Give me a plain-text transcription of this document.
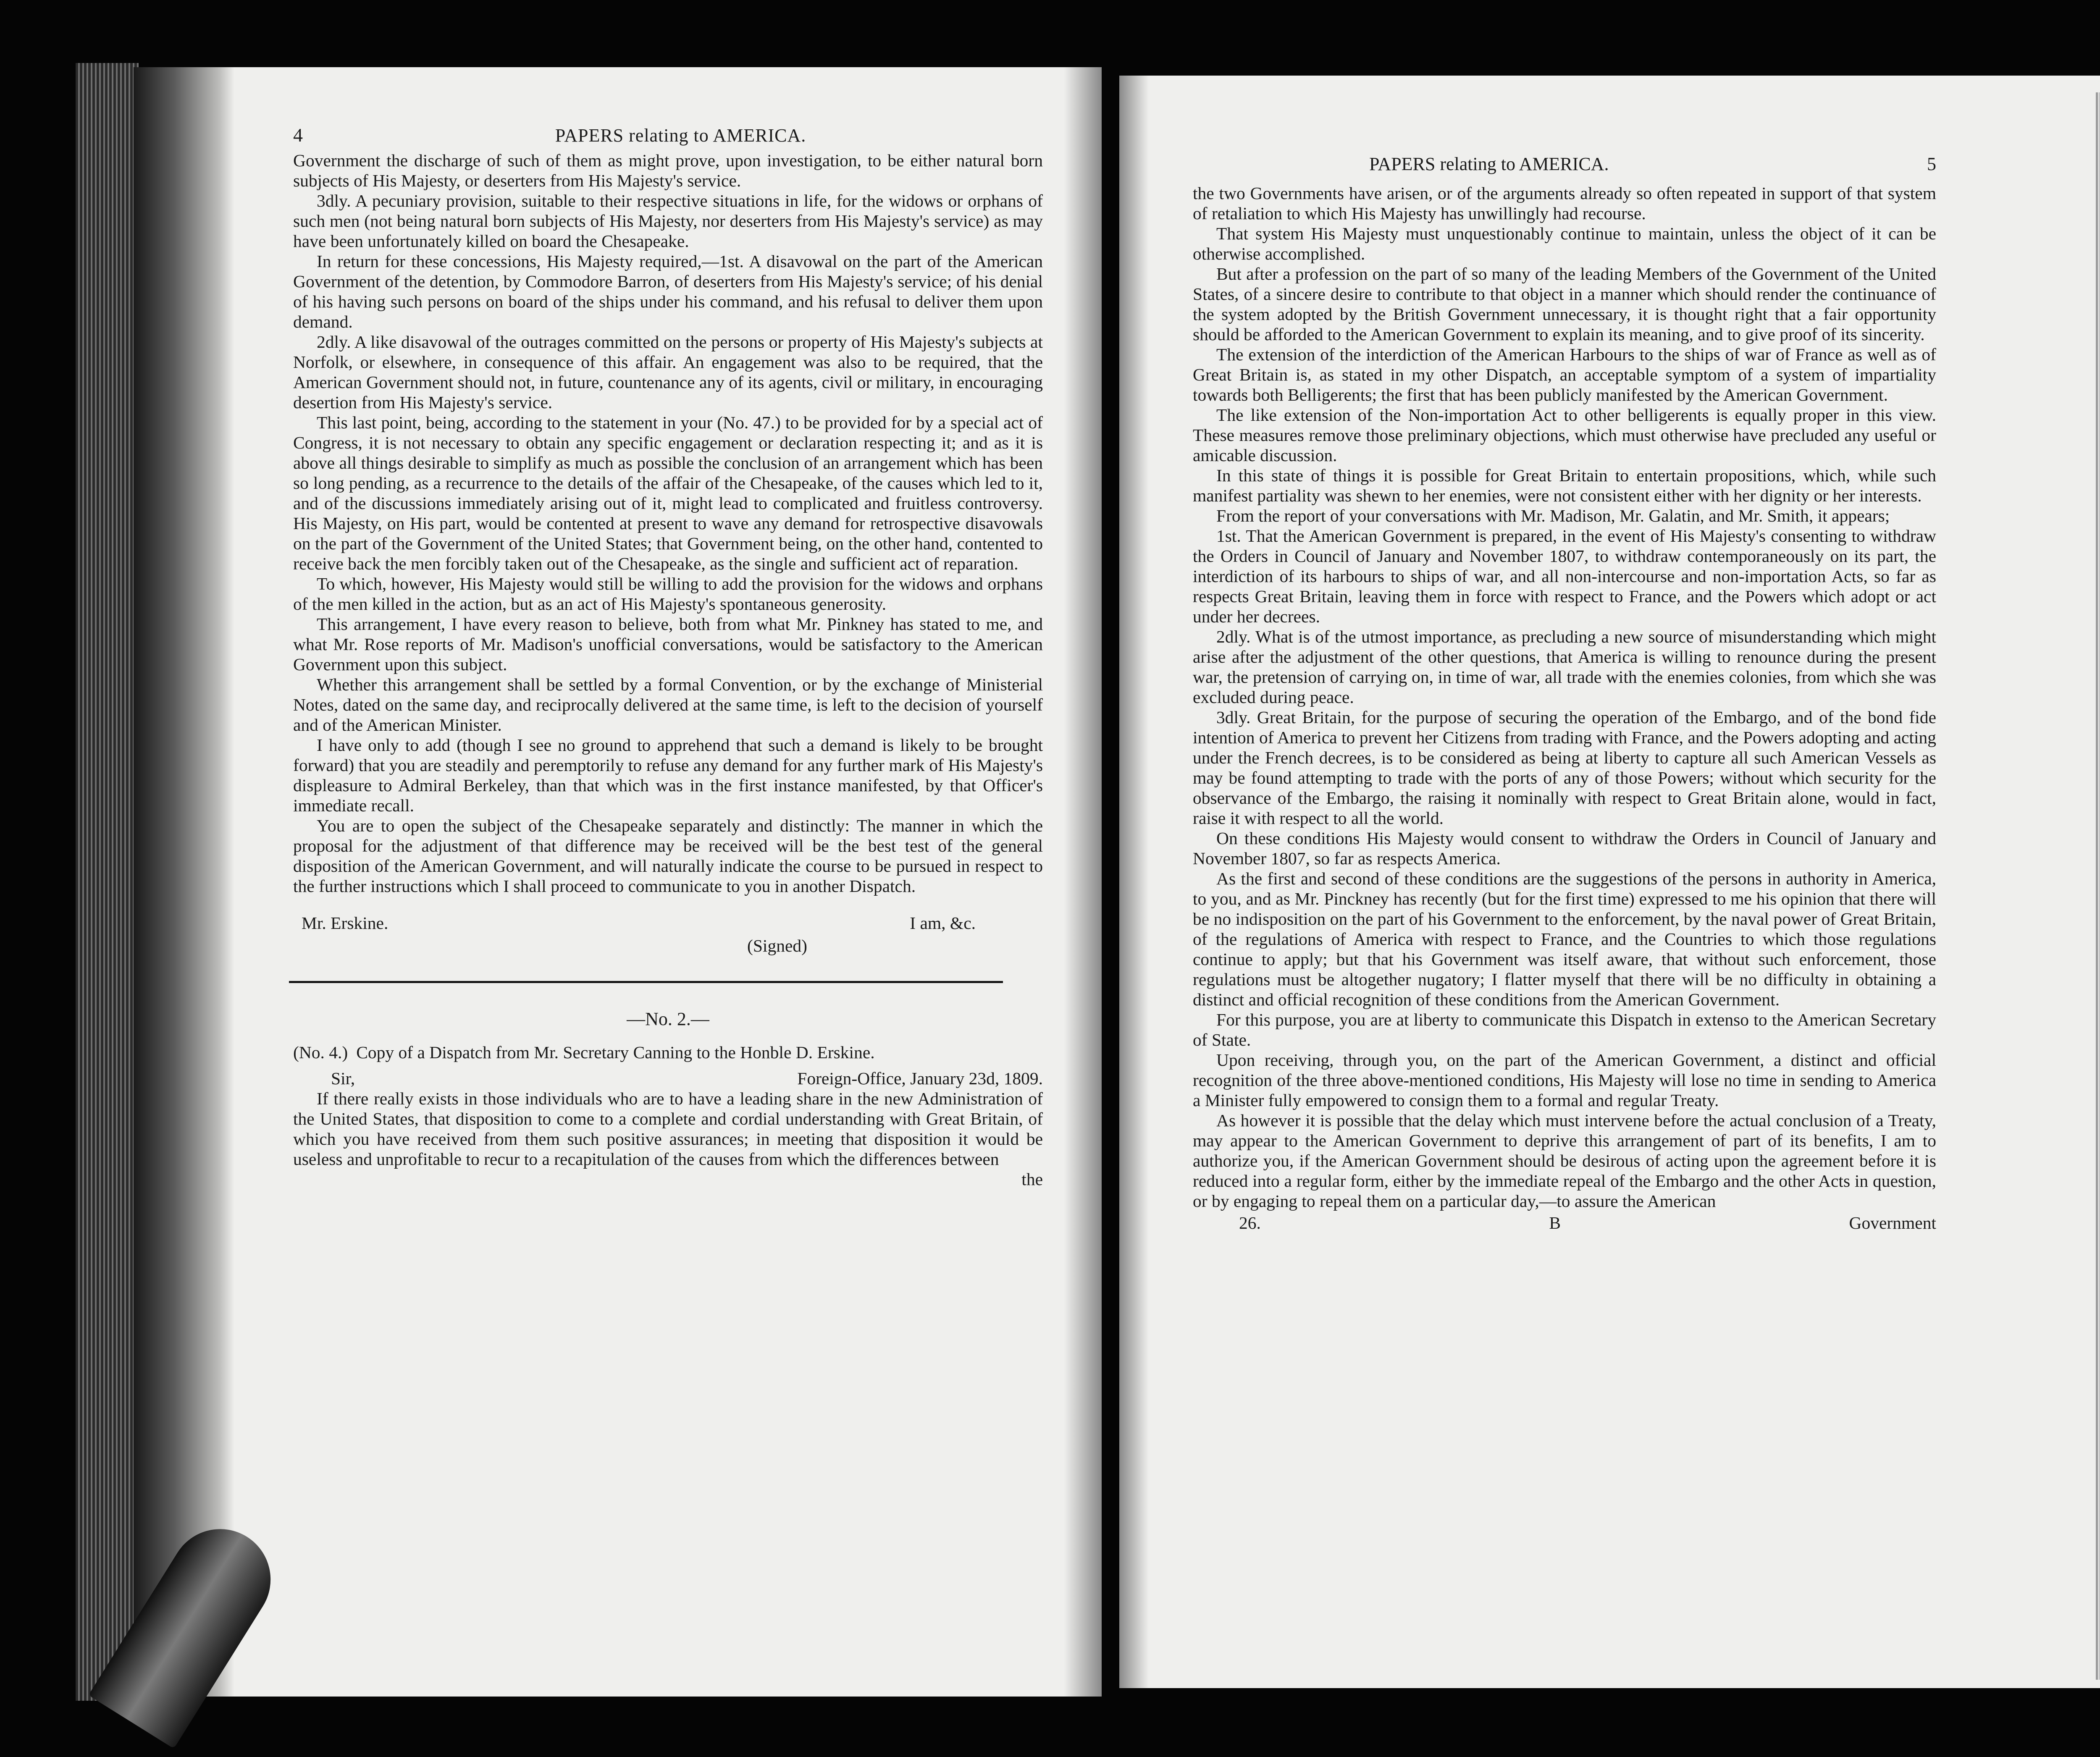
4	PAPERS relating to AMERICA.

Government the discharge of such of them as might prove, upon investigation, to be either natural born subjects of His Majesty, or deserters from His Majesty's service.

3dly. A pecuniary provision, suitable to their respective situations in life, for the widows or orphans of such men (not being natural born subjects of His Majesty, nor deserters from His Majesty's service) as may have been unfortunately killed on board the Chesapeake.

In return for these concessions, His Majesty required,—1st. A disavowal on the part of the American Government of the detention, by Commodore Barron, of deserters from His Majesty's service; of his denial of his having such persons on board of the ships under his command, and his refusal to deliver them upon demand.

2dly. A like disavowal of the outrages committed on the persons or property of His Majesty's subjects at Norfolk, or elsewhere, in consequence of this affair. An engagement was also to be required, that the American Government should not, in future, countenance any of its agents, civil or military, in encouraging desertion from His Majesty's service.

This last point, being, according to the statement in your (No. 47.) to be provided for by a special act of Congress, it is not necessary to obtain any specific engagement or declaration respecting it; and as it is above all things desirable to simplify as much as possible the conclusion of an arrangement which has been so long pending, as a recurrence to the details of the affair of the Chesapeake, of the causes which led to it, and of the discussions immediately arising out of it, might lead to complicated and fruitless controversy. His Majesty, on His part, would be contented at present to wave any demand for retrospective disavowals on the part of the Government of the United States; that Government being, on the other hand, contented to receive back the men forcibly taken out of the Chesapeake, as the single and sufficient act of reparation.

To which, however, His Majesty would still be willing to add the provision for the widows and orphans of the men killed in the action, but as an act of His Majesty's spontaneous generosity.

This arrangement, I have every reason to believe, both from what Mr. Pinkney has stated to me, and what Mr. Rose reports of Mr. Madison's unofficial conversations, would be satisfactory to the American Government upon this subject.

Whether this arrangement shall be settled by a formal Convention, or by the exchange of Ministerial Notes, dated on the same day, and reciprocally delivered at the same time, is left to the decision of yourself and of the American Minister.

I have only to add (though I see no ground to apprehend that such a demand is likely to be brought forward) that you are steadily and peremptorily to refuse any demand for any further mark of His Majesty's displeasure to Admiral Berkeley, than that which was in the first instance manifested, by that Officer's immediate recall.

You are to open the subject of the Chesapeake separately and distinctly: The manner in which the proposal for the adjustment of that difference may be received will be the best test of the general disposition of the American Government, and will naturally indicate the course to be pursued in respect to the further instructions which I shall proceed to communicate to you in another Dispatch.

Mr. Erskine.	I am, &c.
(Signed)
—No. 2.—
(No. 4.) Copy of a Dispatch from Mr. Secretary Canning to the Honble D. Erskine.
Sir,	Foreign-Office, January 23d, 1809.

If there really exists in those individuals who are to have a leading share in the new Administration of the United States, that disposition to come to a complete and cordial understanding with Great Britain, of which you have received from them such positive assurances; in meeting that disposition it would be useless and unprofitable to recur to a recapitulation of the causes from which the differences between

the
PAPERS relating to AMERICA.	5

the two Governments have arisen, or of the arguments already so often repeated in support of that system of retaliation to which His Majesty has unwillingly had recourse.

That system His Majesty must unquestionably continue to maintain, unless the object of it can be otherwise accomplished.

But after a profession on the part of so many of the leading Members of the Government of the United States, of a sincere desire to contribute to that object in a manner which should render the continuance of the system adopted by the British Government unnecessary, it is thought right that a fair opportunity should be afforded to the American Government to explain its meaning, and to give proof of its sincerity.

The extension of the interdiction of the American Harbours to the ships of war of France as well as of Great Britain is, as stated in my other Dispatch, an acceptable symptom of a system of impartiality towards both Belligerents; the first that has been publicly manifested by the American Government.

The like extension of the Non-importation Act to other belligerents is equally proper in this view. These measures remove those preliminary objections, which must otherwise have precluded any useful or amicable discussion.

In this state of things it is possible for Great Britain to entertain propositions, which, while such manifest partiality was shewn to her enemies, were not consistent either with her dignity or her interests.

From the report of your conversations with Mr. Madison, Mr. Galatin, and Mr. Smith, it appears;

1st. That the American Government is prepared, in the event of His Majesty's consenting to withdraw the Orders in Council of January and November 1807, to withdraw contemporaneously on its part, the interdiction of its harbours to ships of war, and all non-intercourse and non-importation Acts, so far as respects Great Britain, leaving them in force with respect to France, and the Powers which adopt or act under her decrees.

2dly. What is of the utmost importance, as precluding a new source of misunderstanding which might arise after the adjustment of the other questions, that America is willing to renounce during the present war, the pretension of carrying on, in time of war, all trade with the enemies colonies, from which she was excluded during peace.

3dly. Great Britain, for the purpose of securing the operation of the Embargo, and of the bond fide intention of America to prevent her Citizens from trading with France, and the Powers adopting and acting under the French decrees, is to be considered as being at liberty to capture all such American Vessels as may be found attempting to trade with the ports of any of those Powers; without which security for the observance of the Embargo, the raising it nominally with respect to Great Britain alone, would in fact, raise it with respect to all the world.

On these conditions His Majesty would consent to withdraw the Orders in Council of January and November 1807, so far as respects America.

As the first and second of these conditions are the suggestions of the persons in authority in America, to you, and as Mr. Pinckney has recently (but for the first time) expressed to me his opinion that there will be no indisposition on the part of his Government to the enforcement, by the naval power of Great Britain, of the regulations of America with respect to France, and the Countries to which those regulations continue to apply; but that his Government was itself aware, that without such enforcement, those regulations must be altogether nugatory; I flatter myself that there will be no difficulty in obtaining a distinct and official recognition of these conditions from the American Government.

For this purpose, you are at liberty to communicate this Dispatch in extenso to the American Secretary of State.

Upon receiving, through you, on the part of the American Government, a distinct and official recognition of the three above-mentioned conditions, His Majesty will lose no time in sending to America a Minister fully empowered to consign them to a formal and regular Treaty.

As however it is possible that the delay which must intervene before the actual conclusion of a Treaty, may appear to the American Government to deprive this arrangement of part of its benefits, I am to authorize you, if the American Government should be desirous of acting upon the agreement before it is reduced into a regular form, either by the immediate repeal of the Embargo and the other Acts in question, or by engaging to repeal them on a particular day,—to assure the American

26.	B	Government
